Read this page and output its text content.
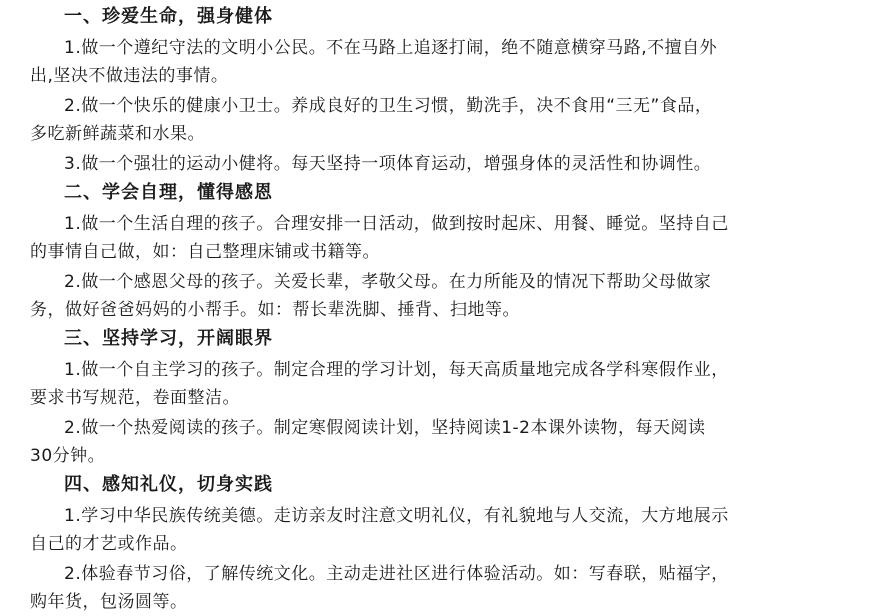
一、珍爱生命，强身健体
1.做一个遵纪守法的文明小公民。不在马路上追逐打闹，绝不随意横穿马路,不擅自外
出,坚决不做违法的事情。
2.做一个快乐的健康小卫士。养成良好的卫生习惯，勤洗手，决不食用“三无”食品，
多吃新鲜蔬菜和水果。
3.做一个强壮的运动小健将。每天坚持一项体育运动，增强身体的灵活性和协调性。
二、学会自理，懂得感恩
1.做一个生活自理的孩子。合理安排一日活动，做到按时起床、用餐、睡觉。坚持自己
的事情自己做，如：自己整理床铺或书籍等。
2.做一个感恩父母的孩子。关爱长辈，孝敬父母。在力所能及的情况下帮助父母做家
务，做好爸爸妈妈的小帮手。如：帮长辈洗脚、捶背、扫地等。
三、坚持学习，开阔眼界
1.做一个自主学习的孩子。制定合理的学习计划，每天高质量地完成各学科寒假作业，
要求书写规范，卷面整洁。
2.做一个热爱阅读的孩子。制定寒假阅读计划，坚持阅读1-2本课外读物，每天阅读
30分钟。
四、感知礼仪，切身实践
1.学习中华民族传统美德。走访亲友时注意文明礼仪，有礼貌地与人交流，大方地展示
自己的才艺或作品。
2.体验春节习俗，了解传统文化。主动走进社区进行体验活动。如：写春联，贴福字，
购年货，包汤圆等。
